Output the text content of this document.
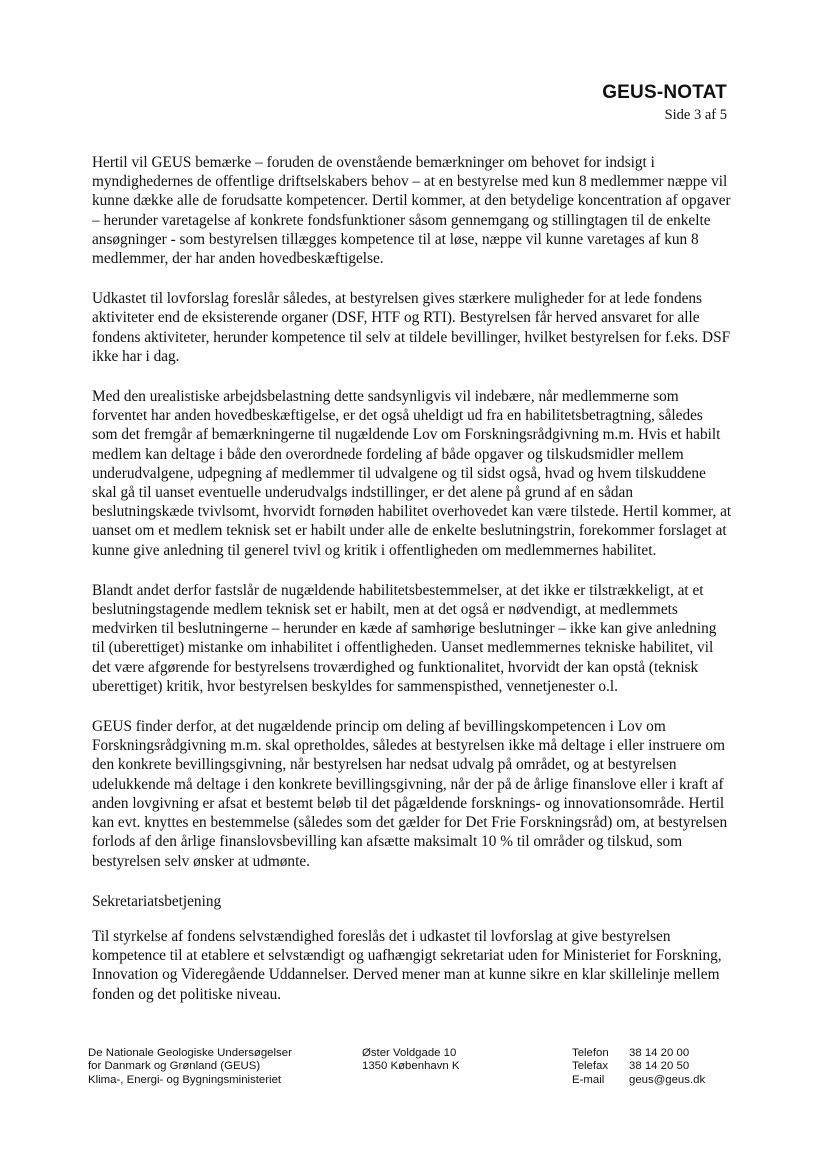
GEUS-NOTAT
Side 3 af 5

Hertil vil GEUS bemærke – foruden de ovenstående bemærkninger om behovet for indsigt i myndighedernes de offentlige driftselskabers behov – at en bestyrelse med kun 8 medlemmer næppe vil kunne dække alle de forudsatte kompetencer. Dertil kommer, at den betydelige koncentration af opgaver – herunder varetagelse af konkrete fondsfunktioner såsom gennemgang og stillingtagen til de enkelte ansøgninger - som bestyrelsen tillægges kompetence til at løse, næppe vil kunne varetages af kun 8 medlemmer, der har anden hovedbeskæftigelse.

Udkastet til lovforslag foreslår således, at bestyrelsen gives stærkere muligheder for at lede fondens aktiviteter end de eksisterende organer (DSF, HTF og RTI). Bestyrelsen får herved ansvaret for alle fondens aktiviteter, herunder kompetence til selv at tildele bevillinger, hvilket bestyrelsen for f.eks. DSF ikke har i dag.

Med den urealistiske arbejdsbelastning dette sandsynligvis vil indebære, når medlemmerne som forventet har anden hovedbeskæftigelse, er det også uheldigt ud fra en habilitetsbetragtning, således som det fremgår af bemærkningerne til nugældende Lov om Forskningsrådgivning m.m. Hvis et habilt medlem kan deltage i både den overordnede fordeling af både opgaver og tilskudsmidler mellem underudvalgene, udpegning af medlemmer til udvalgene og til sidst også, hvad og hvem tilskuddene skal gå til uanset eventuelle underudvalgs indstillinger, er det alene på grund af en sådan beslutningskæde tvivlsomt, hvorvidt fornøden habilitet overhovedet kan være tilstede. Hertil kommer, at uanset om et medlem teknisk set er habilt under alle de enkelte beslutningstrin, forekommer forslaget at kunne give anledning til generel tvivl og kritik i offentligheden om medlemmernes habilitet.

Blandt andet derfor fastslår de nugældende habilitetsbestemmelser, at det ikke er tilstrækkeligt, at et beslutningstagende medlem teknisk set er habilt, men at det også er nødvendigt, at medlemmets medvirken til beslutningerne – herunder en kæde af samhørige beslutninger – ikke kan give anledning til (uberettiget) mistanke om inhabilitet i offentligheden. Uanset medlemmernes tekniske habilitet, vil det være afgørende for bestyrelsens troværdighed og funktionalitet, hvorvidt der kan opstå (teknisk uberettiget) kritik, hvor bestyrelsen beskyldes for sammenspisthed, vennetjenester o.l.

GEUS finder derfor, at det nugældende princip om deling af bevillingskompetencen i Lov om Forskningsrådgivning m.m. skal opretholdes, således at bestyrelsen ikke må deltage i eller instruere om den konkrete bevillingsgivning, når bestyrelsen har nedsat udvalg på området, og at bestyrelsen udelukkende må deltage i den konkrete bevillingsgivning, når der på de årlige finanslove eller i kraft af anden lovgivning er afsat et bestemt beløb til det pågældende forsknings- og innovationsområde. Hertil kan evt. knyttes en bestemmelse (således som det gælder for Det Frie Forskningsråd) om, at bestyrelsen forlods af den årlige finanslovsbevilling kan afsætte maksimalt 10 % til områder og tilskud, som bestyrelsen selv ønsker at udmønte.

Sekretariatsbetjening

Til styrkelse af fondens selvstændighed foreslås det i udkastet til lovforslag at give bestyrelsen kompetence til at etablere et selvstændigt og uafhængigt sekretariat uden for Ministeriet for Forskning, Innovation og Videregående Uddannelser. Derved mener man at kunne sikre en klar skillelinje mellem fonden og det politiske niveau.

De Nationale Geologiske Undersøgelser
for Danmark og Grønland (GEUS)
Klima-, Energi- og Bygningsministeriet
Øster Voldgade 10
1350 København K
Telefon 38 14 20 00
Telefax 38 14 20 50
E-mail geus@geus.dk
